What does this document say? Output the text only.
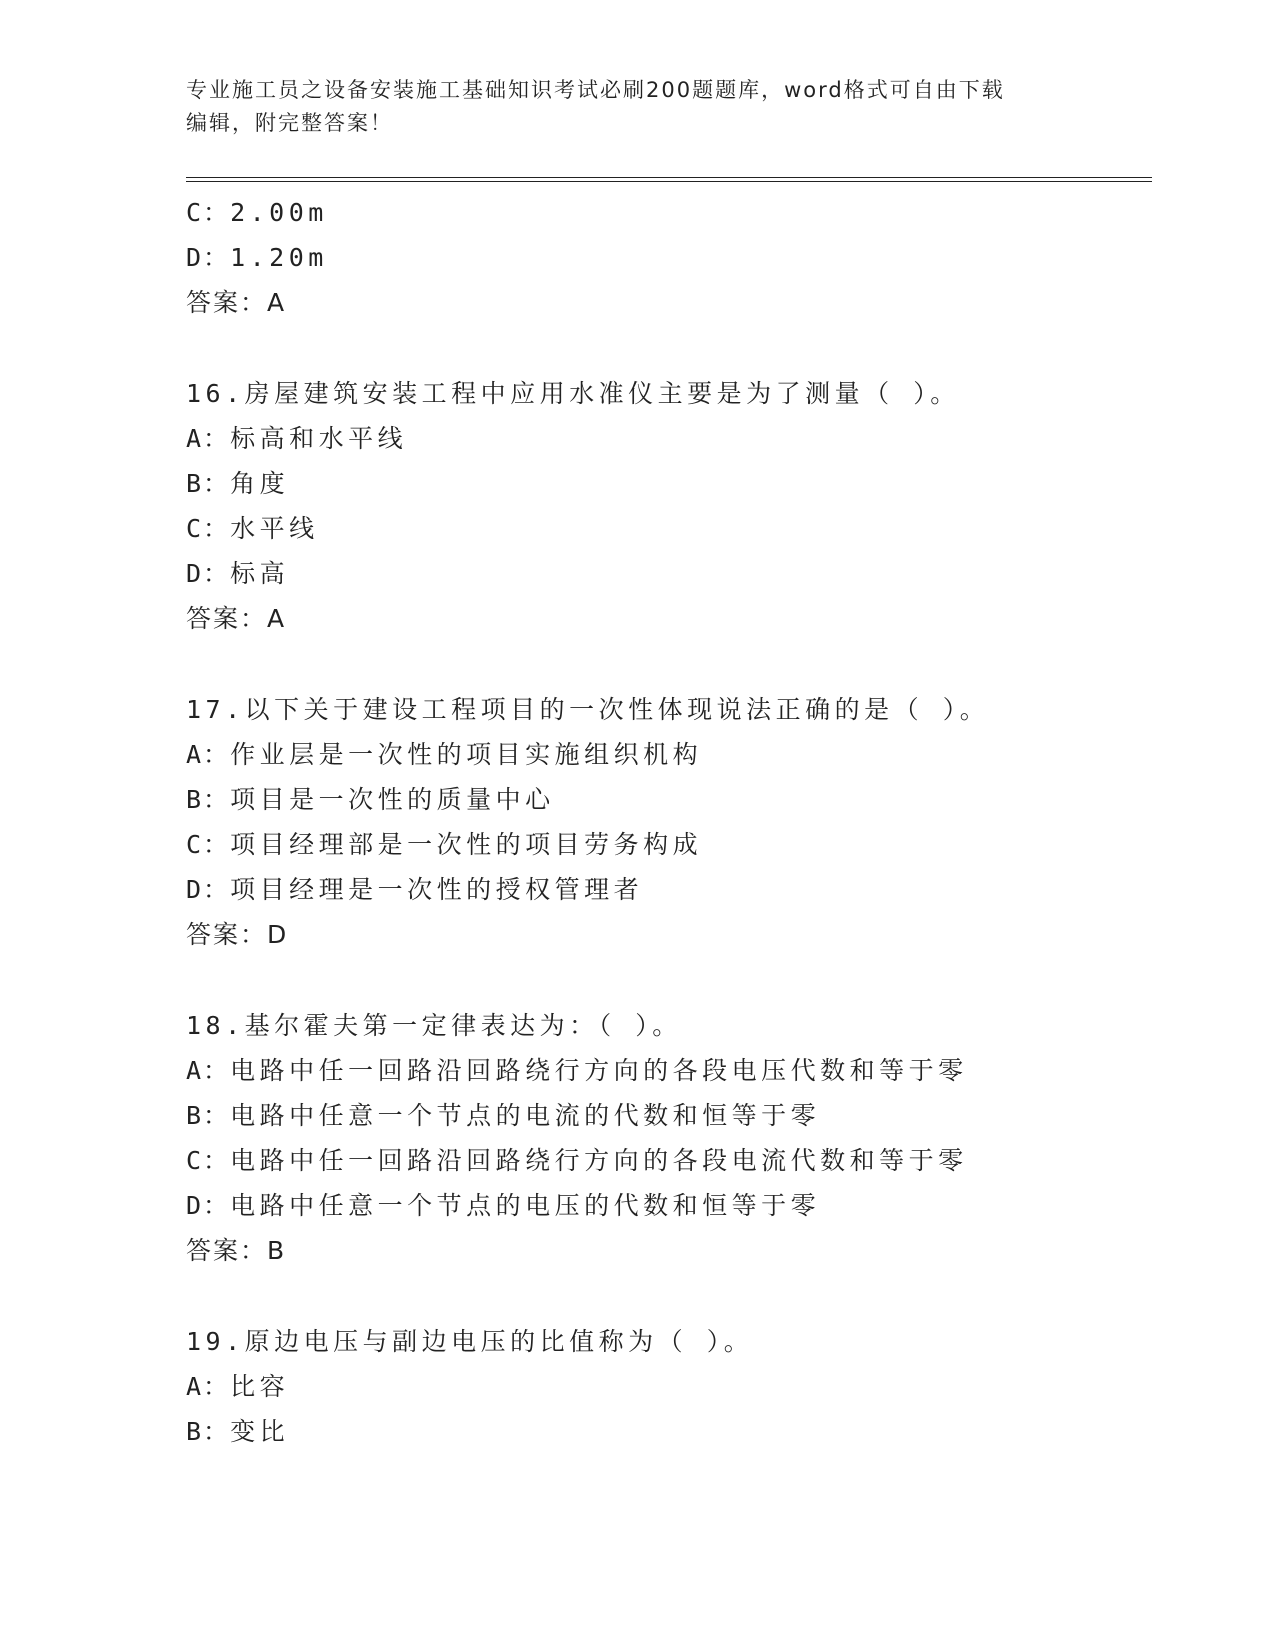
专业施工员之设备安装施工基础知识考试必刷200题题库，word格式可自由下载
编辑，附完整答案！
C：2.00m
D：1.20m
答案：A
16.房屋建筑安装工程中应用水准仪主要是为了测量（ ）。
A：标高和水平线
B：角度
C：水平线
D：标高
答案：A
17.以下关于建设工程项目的一次性体现说法正确的是（ ）。
A：作业层是一次性的项目实施组织机构
B：项目是一次性的质量中心
C：项目经理部是一次性的项目劳务构成
D：项目经理是一次性的授权管理者
答案：D
18.基尔霍夫第一定律表达为：（ ）。
A：电路中任一回路沿回路绕行方向的各段电压代数和等于零
B：电路中任意一个节点的电流的代数和恒等于零
C：电路中任一回路沿回路绕行方向的各段电流代数和等于零
D：电路中任意一个节点的电压的代数和恒等于零
答案：B
19.原边电压与副边电压的比值称为（ ）。
A：比容
B：变比
